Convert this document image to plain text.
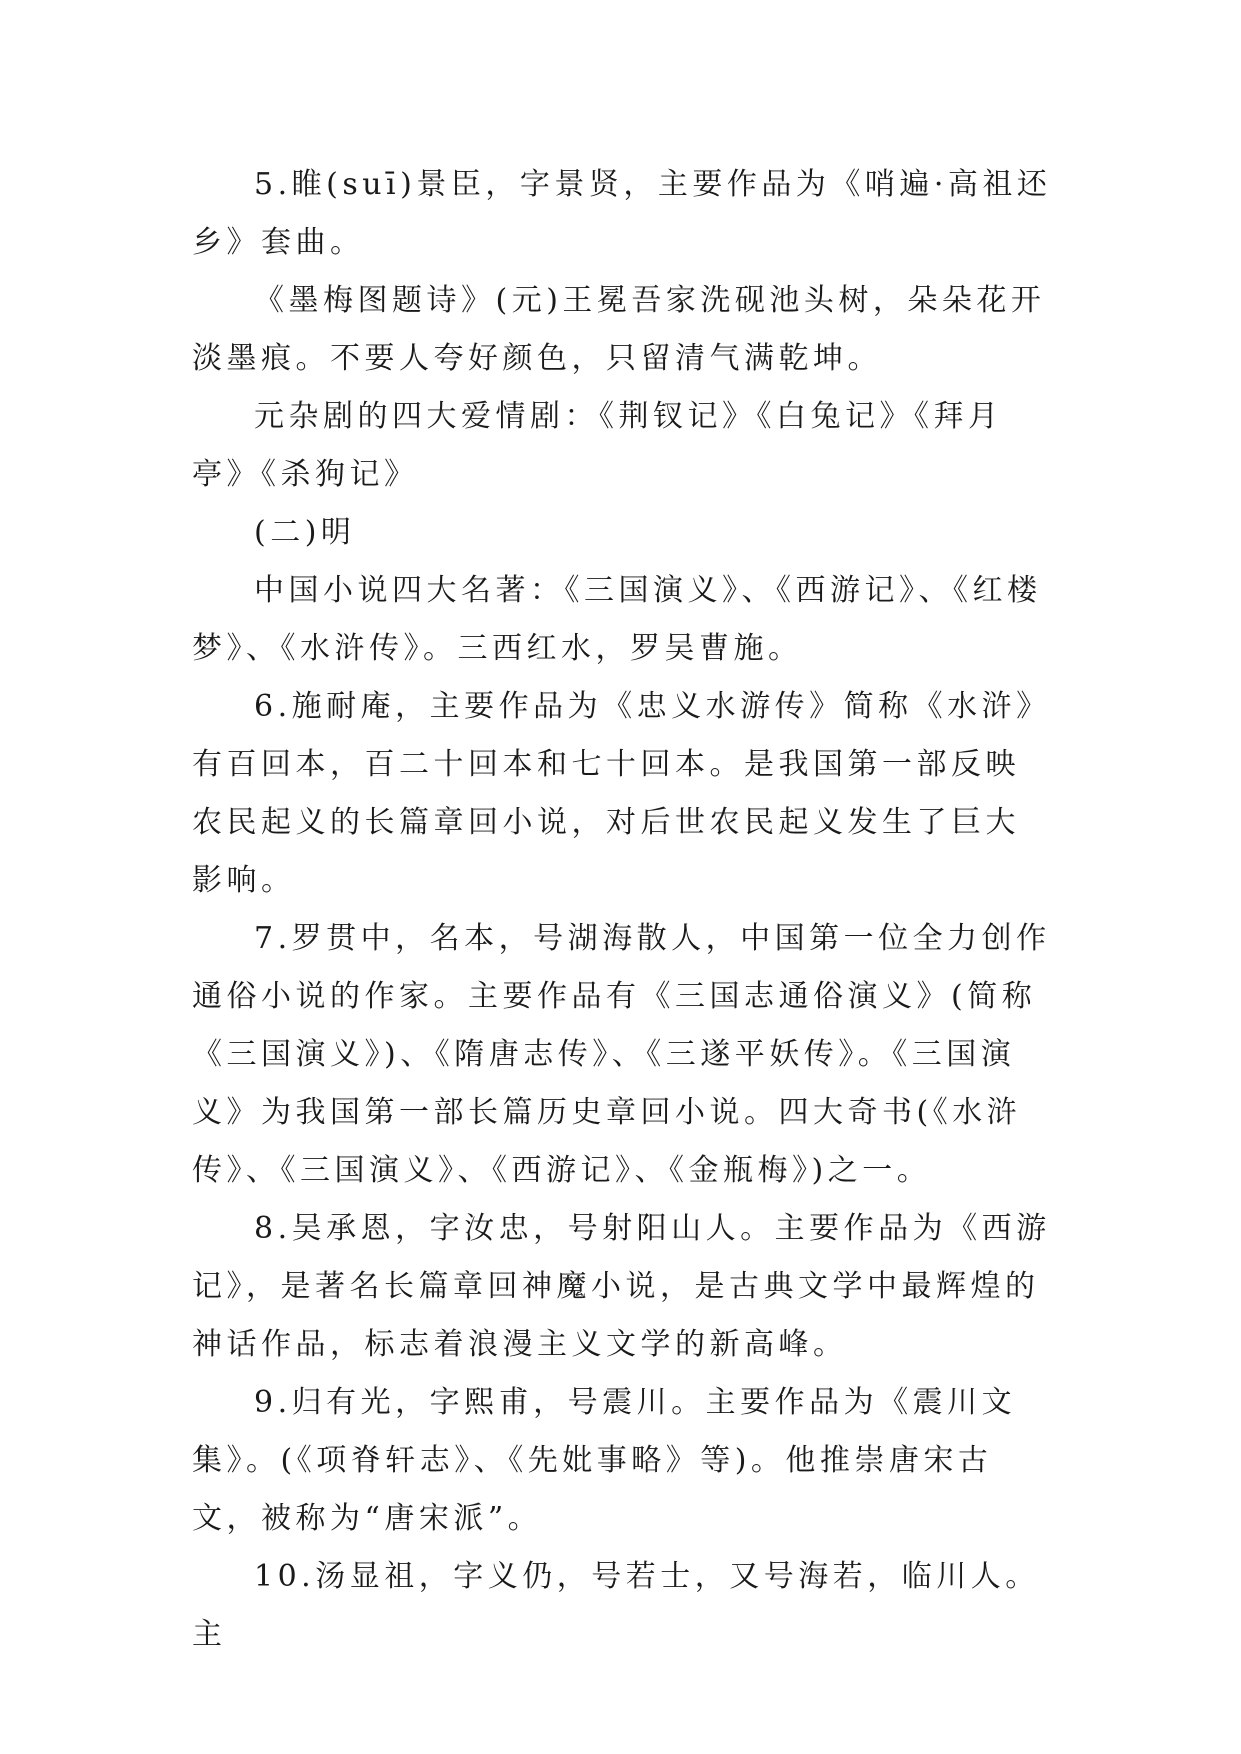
5.睢(suī)景臣，字景贤，主要作品为《哨遍·高祖还乡》套曲。

《墨梅图题诗》(元)王冕吾家洗砚池头树，朵朵花开淡墨痕。不要人夸好颜色，只留清气满乾坤。

元杂剧的四大爱情剧：《荆钗记》《白兔记》《拜月亭》《杀狗记》

(二)明

中国小说四大名著：《三国演义》、《西游记》、《红楼梦》、《水浒传》。三西红水，罗吴曹施。

6.施耐庵，主要作品为《忠义水游传》简称《水浒》有百回本，百二十回本和七十回本。是我国第一部反映农民起义的长篇章回小说，对后世农民起义发生了巨大影响。

7.罗贯中，名本，号湖海散人，中国第一位全力创作通俗小说的作家。主要作品有《三国志通俗演义》(简称《三国演义》)、《隋唐志传》、《三遂平妖传》。《三国演义》为我国第一部长篇历史章回小说。四大奇书(《水浒传》、《三国演义》、《西游记》、《金瓶梅》)之一。

8.吴承恩，字汝忠，号射阳山人。主要作品为《西游记》，是著名长篇章回神魔小说，是古典文学中最辉煌的神话作品，标志着浪漫主义文学的新高峰。

9.归有光，字熙甫，号震川。主要作品为《震川文集》。(《项脊轩志》、《先妣事略》等)。他推崇唐宋古文，被称为“唐宋派”。

10.汤显祖，字义仍，号若士，又号海若，临川人。主
